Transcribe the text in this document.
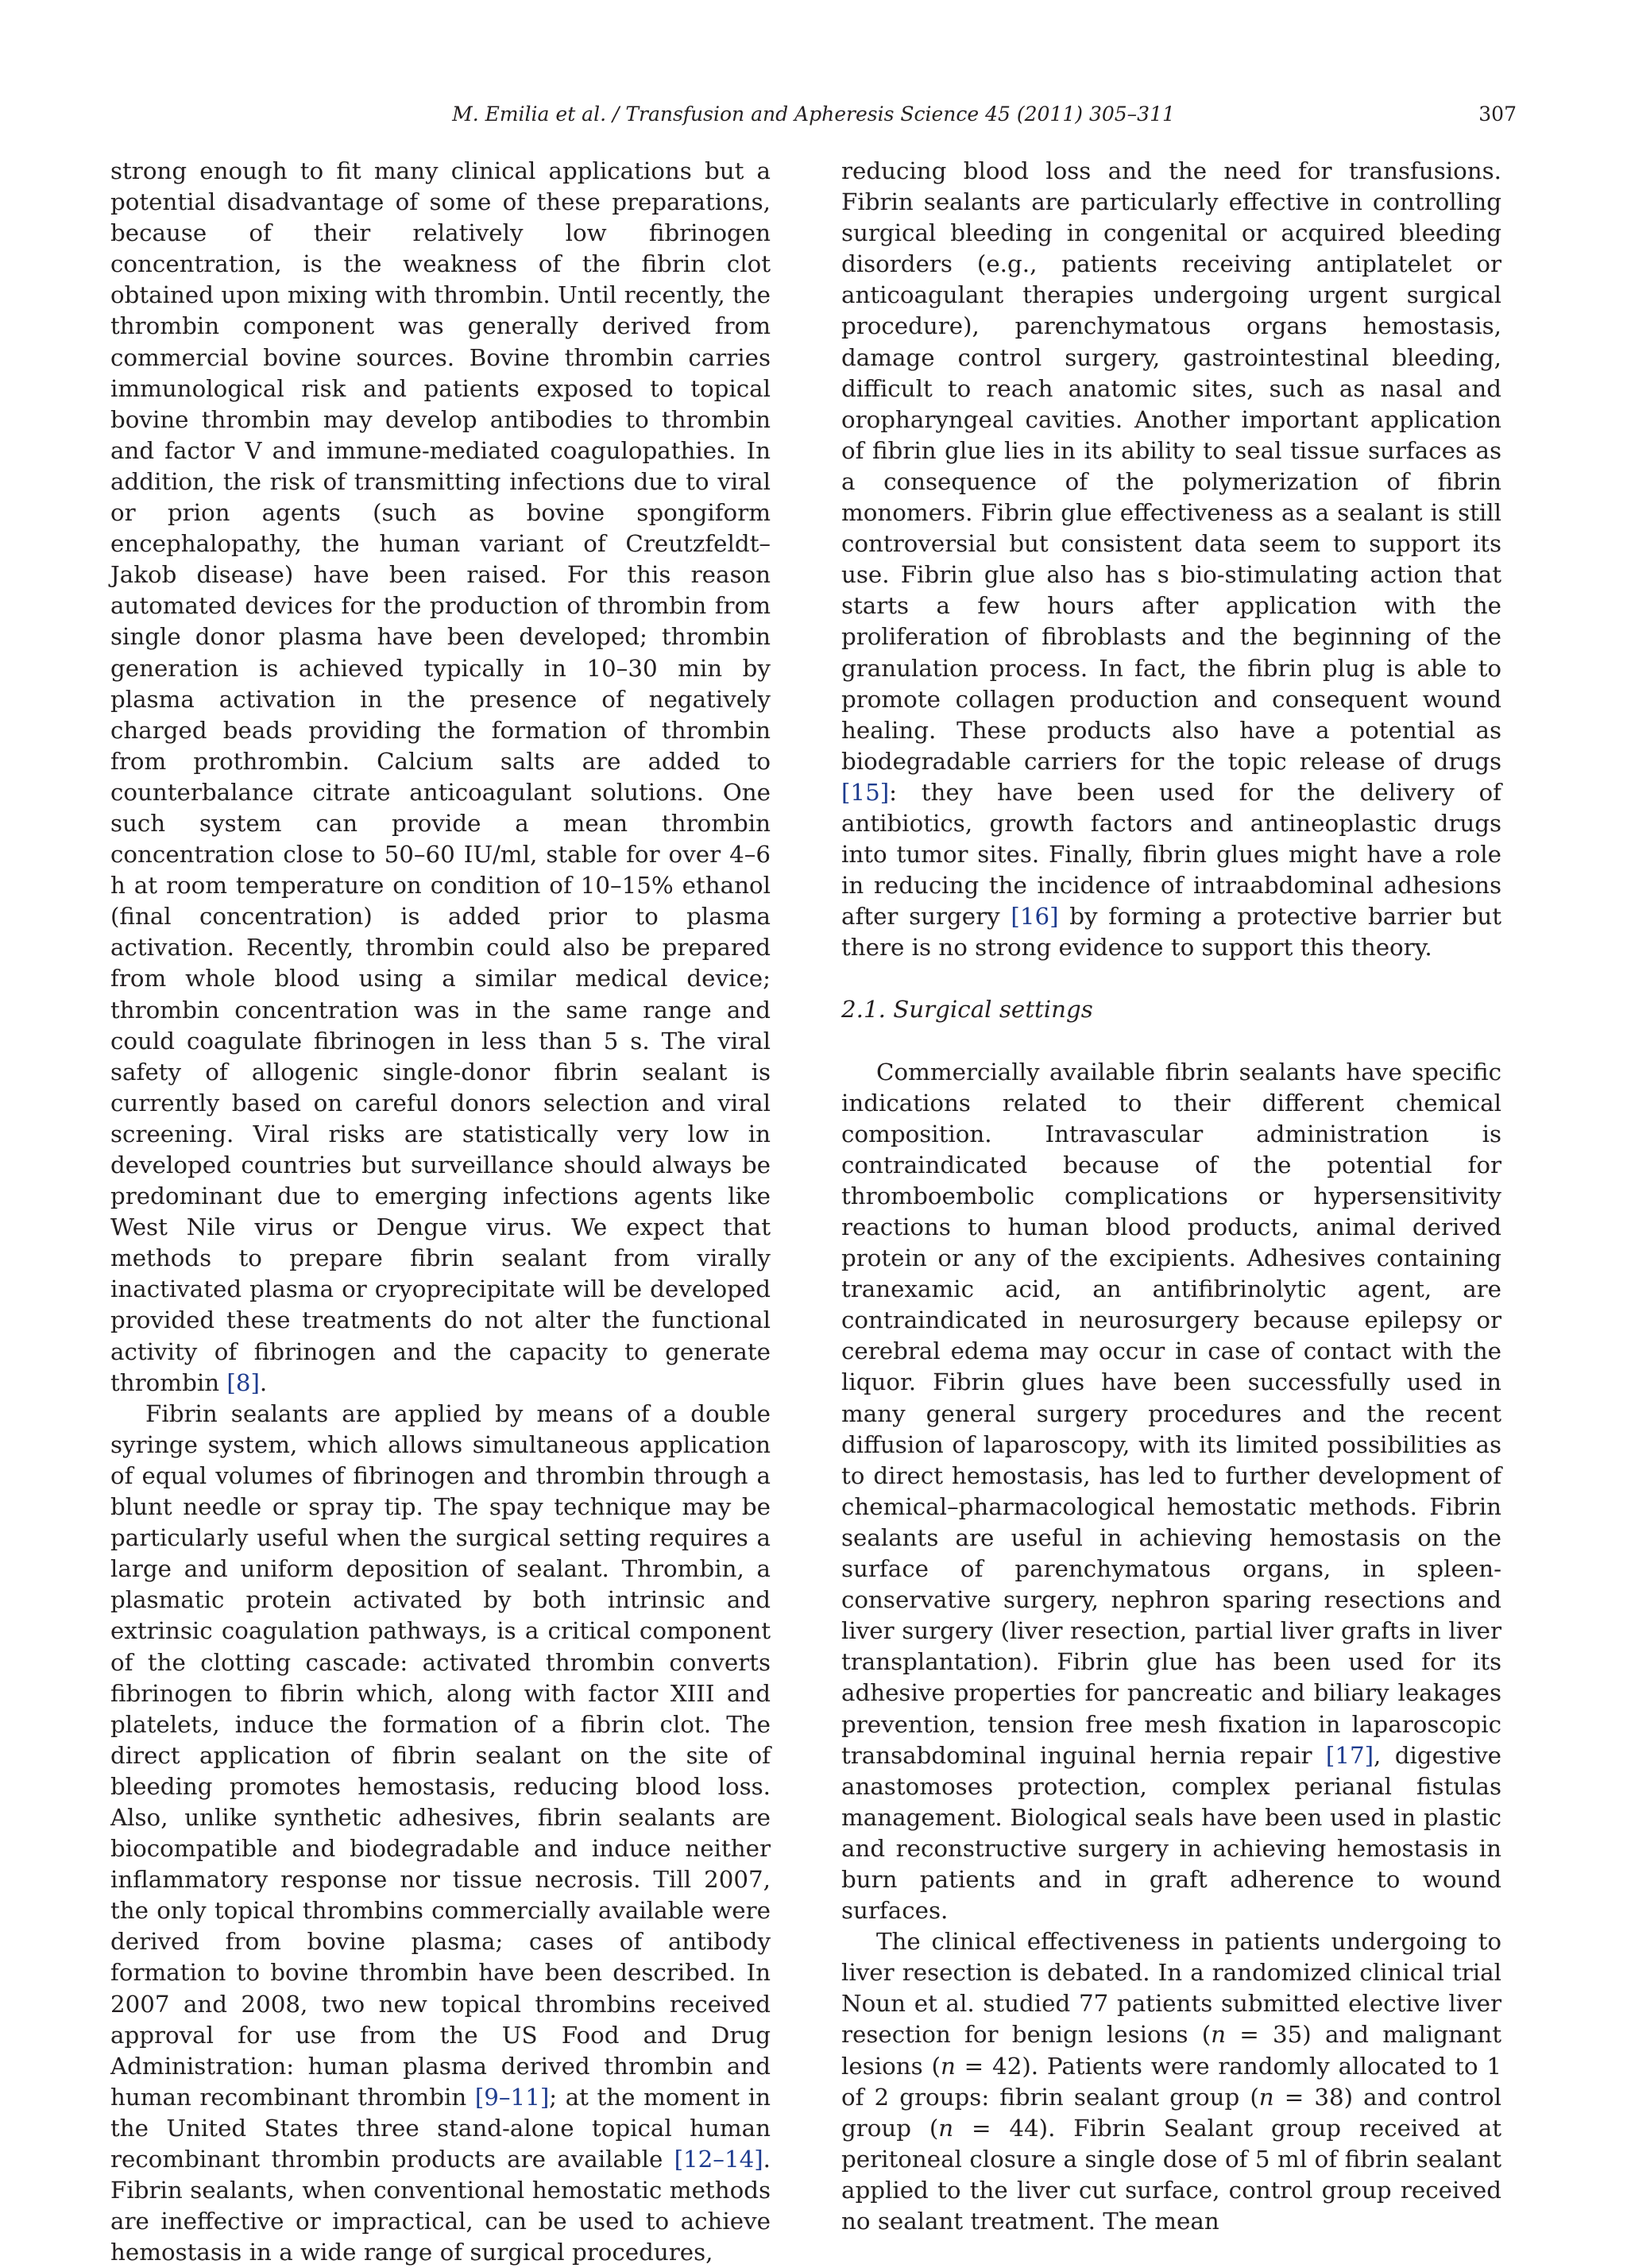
M. Emilia et al. / Transfusion and Apheresis Science 45 (2011) 305–311	307

strong enough to fit many clinical applications but a potential disadvantage of some of these preparations, because of their relatively low fibrinogen concentration, is the weakness of the fibrin clot obtained upon mixing with thrombin. Until recently, the thrombin component was generally derived from commercial bovine sources. Bovine thrombin carries immunological risk and patients exposed to topical bovine thrombin may develop antibodies to thrombin and factor V and immune-mediated coagulopathies. In addition, the risk of transmitting infections due to viral or prion agents (such as bovine spongiform encephalopathy, the human variant of Creutzfeldt–Jakob disease) have been raised. For this reason automated devices for the production of thrombin from single donor plasma have been developed; thrombin generation is achieved typically in 10–30 min by plasma activation in the presence of negatively charged beads providing the formation of thrombin from prothrombin. Calcium salts are added to counterbalance citrate anticoagulant solutions. One such system can provide a mean thrombin concentration close to 50–60 IU/ml, stable for over 4–6 h at room temperature on condition of 10–15% ethanol (final concentration) is added prior to plasma activation. Recently, thrombin could also be prepared from whole blood using a similar medical device; thrombin concentration was in the same range and could coagulate fibrinogen in less than 5 s. The viral safety of allogenic single-donor fibrin sealant is currently based on careful donors selection and viral screening. Viral risks are statistically very low in developed countries but surveillance should always be predominant due to emerging infections agents like West Nile virus or Dengue virus. We expect that methods to prepare fibrin sealant from virally inactivated plasma or cryoprecipitate will be developed provided these treatments do not alter the functional activity of fibrinogen and the capacity to generate thrombin [8].

Fibrin sealants are applied by means of a double syringe system, which allows simultaneous application of equal volumes of fibrinogen and thrombin through a blunt needle or spray tip. The spay technique may be particularly useful when the surgical setting requires a large and uniform deposition of sealant. Thrombin, a plasmatic protein activated by both intrinsic and extrinsic coagulation pathways, is a critical component of the clotting cascade: activated thrombin converts fibrinogen to fibrin which, along with factor XIII and platelets, induce the formation of a fibrin clot. The direct application of fibrin sealant on the site of bleeding promotes hemostasis, reducing blood loss. Also, unlike synthetic adhesives, fibrin sealants are biocompatible and biodegradable and induce neither inflammatory response nor tissue necrosis. Till 2007, the only topical thrombins commercially available were derived from bovine plasma; cases of antibody formation to bovine thrombin have been described. In 2007 and 2008, two new topical thrombins received approval for use from the US Food and Drug Administration: human plasma derived thrombin and human recombinant thrombin [9–11]; at the moment in the United States three stand-alone topical human recombinant thrombin products are available [12–14]. Fibrin sealants, when conventional hemostatic methods are ineffective or impractical, can be used to achieve hemostasis in a wide range of surgical procedures,

reducing blood loss and the need for transfusions. Fibrin sealants are particularly effective in controlling surgical bleeding in congenital or acquired bleeding disorders (e.g., patients receiving antiplatelet or anticoagulant therapies undergoing urgent surgical procedure), parenchymatous organs hemostasis, damage control surgery, gastrointestinal bleeding, difficult to reach anatomic sites, such as nasal and oropharyngeal cavities. Another important application of fibrin glue lies in its ability to seal tissue surfaces as a consequence of the polymerization of fibrin monomers. Fibrin glue effectiveness as a sealant is still controversial but consistent data seem to support its use. Fibrin glue also has s bio-stimulating action that starts a few hours after application with the proliferation of fibroblasts and the beginning of the granulation process. In fact, the fibrin plug is able to promote collagen production and consequent wound healing. These products also have a potential as biodegradable carriers for the topic release of drugs [15]: they have been used for the delivery of antibiotics, growth factors and antineoplastic drugs into tumor sites. Finally, fibrin glues might have a role in reducing the incidence of intraabdominal adhesions after surgery [16] by forming a protective barrier but there is no strong evidence to support this theory.

2.1. Surgical settings

Commercially available fibrin sealants have specific indications related to their different chemical composition. Intravascular administration is contraindicated because of the potential for thromboembolic complications or hypersensitivity reactions to human blood products, animal derived protein or any of the excipients. Adhesives containing tranexamic acid, an antifibrinolytic agent, are contraindicated in neurosurgery because epilepsy or cerebral edema may occur in case of contact with the liquor. Fibrin glues have been successfully used in many general surgery procedures and the recent diffusion of laparoscopy, with its limited possibilities as to direct hemostasis, has led to further development of chemical–pharmacological hemostatic methods. Fibrin sealants are useful in achieving hemostasis on the surface of parenchymatous organs, in spleen-conservative surgery, nephron sparing resections and liver surgery (liver resection, partial liver grafts in liver transplantation). Fibrin glue has been used for its adhesive properties for pancreatic and biliary leakages prevention, tension free mesh fixation in laparoscopic transabdominal inguinal hernia repair [17], digestive anastomoses protection, complex perianal fistulas management. Biological seals have been used in plastic and reconstructive surgery in achieving hemostasis in burn patients and in graft adherence to wound surfaces.

The clinical effectiveness in patients undergoing to liver resection is debated. In a randomized clinical trial Noun et al. studied 77 patients submitted elective liver resection for benign lesions (n = 35) and malignant lesions (n = 42). Patients were randomly allocated to 1 of 2 groups: fibrin sealant group (n = 38) and control group (n = 44). Fibrin Sealant group received at peritoneal closure a single dose of 5 ml of fibrin sealant applied to the liver cut surface, control group received no sealant treatment. The mean
